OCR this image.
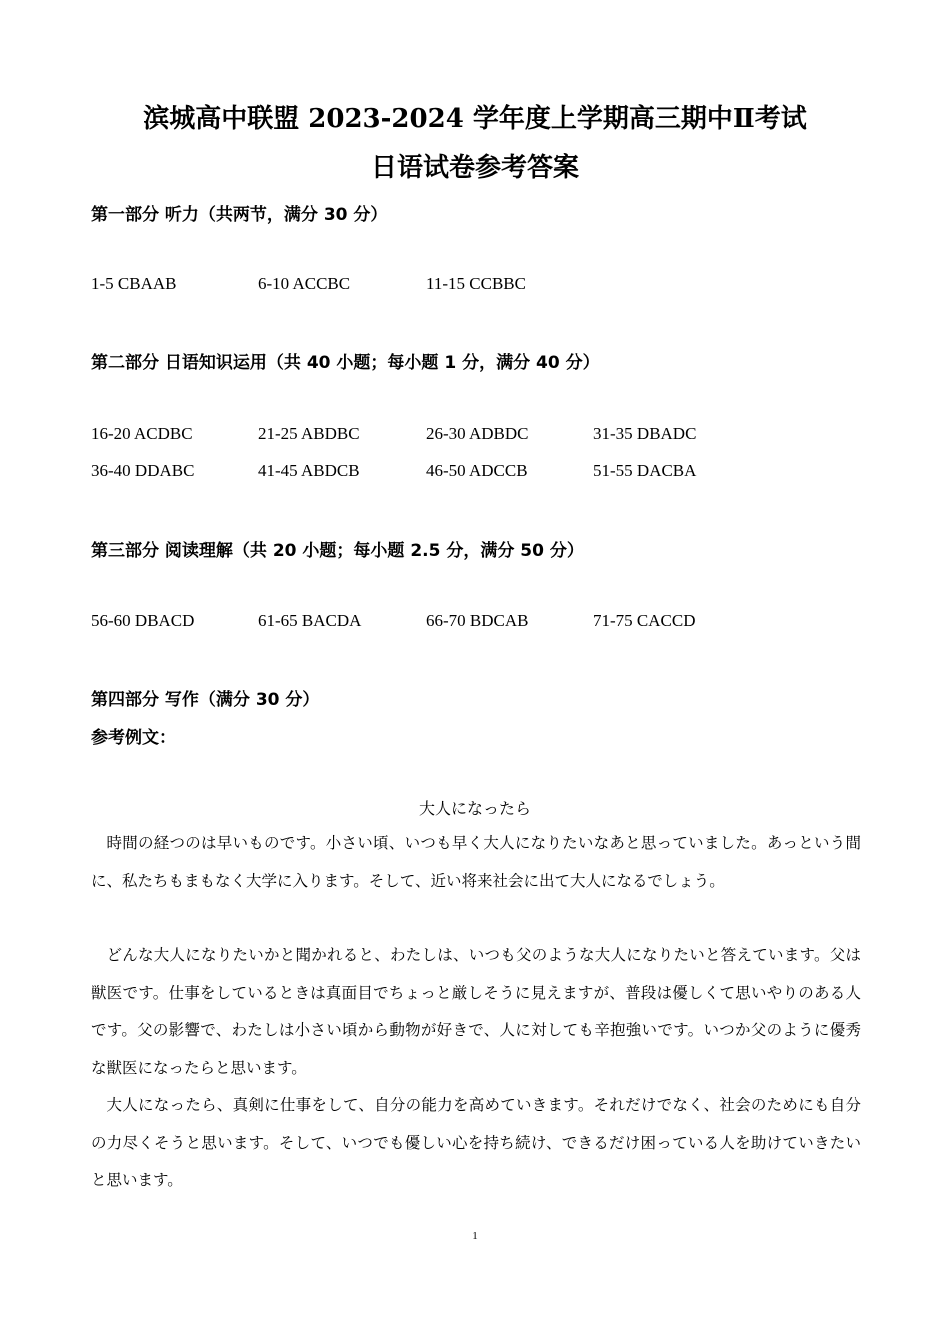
滨城高中联盟 2023-2024 学年度上学期高三期中Ⅱ考试
日语试卷参考答案
第一部分 听力（共两节，满分 30 分）
1-5 CBAAB	6-10 ACCBC	11-15 CCBBC
第二部分 日语知识运用（共 40 小题；每小题 1 分，满分 40 分）
16-20 ACDBC	21-25 ABDBC	26-30 ADBDC	31-35 DBADC
36-40 DDABC	41-45 ABDCB	46-50 ADCCB	51-55 DACBA
第三部分 阅读理解（共 20 小题；每小题 2.5 分，满分 50 分）
56-60 DBACD	61-65 BACDA	66-70 BDCAB	71-75 CACCD
第四部分 写作（满分 30 分）
参考例文：
大人になったら
時間の経つのは早いものです。小さい頃、いつも早く大人になりたいなあと思っていました。あっという間に、私たちもまもなく大学に入ります。そして、近い将来社会に出て大人になるでしょう。
どんな大人になりたいかと聞かれると、わたしは、いつも父のような大人になりたいと答えています。父は獣医です。仕事をしているときは真面目でちょっと厳しそうに見えますが、普段は優しくて思いやりのある人です。父の影響で、わたしは小さい頃から動物が好きで、人に対しても辛抱強いです。いつか父のように優秀な獣医になったらと思います。
大人になったら、真剣に仕事をして、自分の能力を高めていきます。それだけでなく、社会のためにも自分の力尽くそうと思います。そして、いつでも優しい心を持ち続け、できるだけ困っている人を助けていきたいと思います。
1
